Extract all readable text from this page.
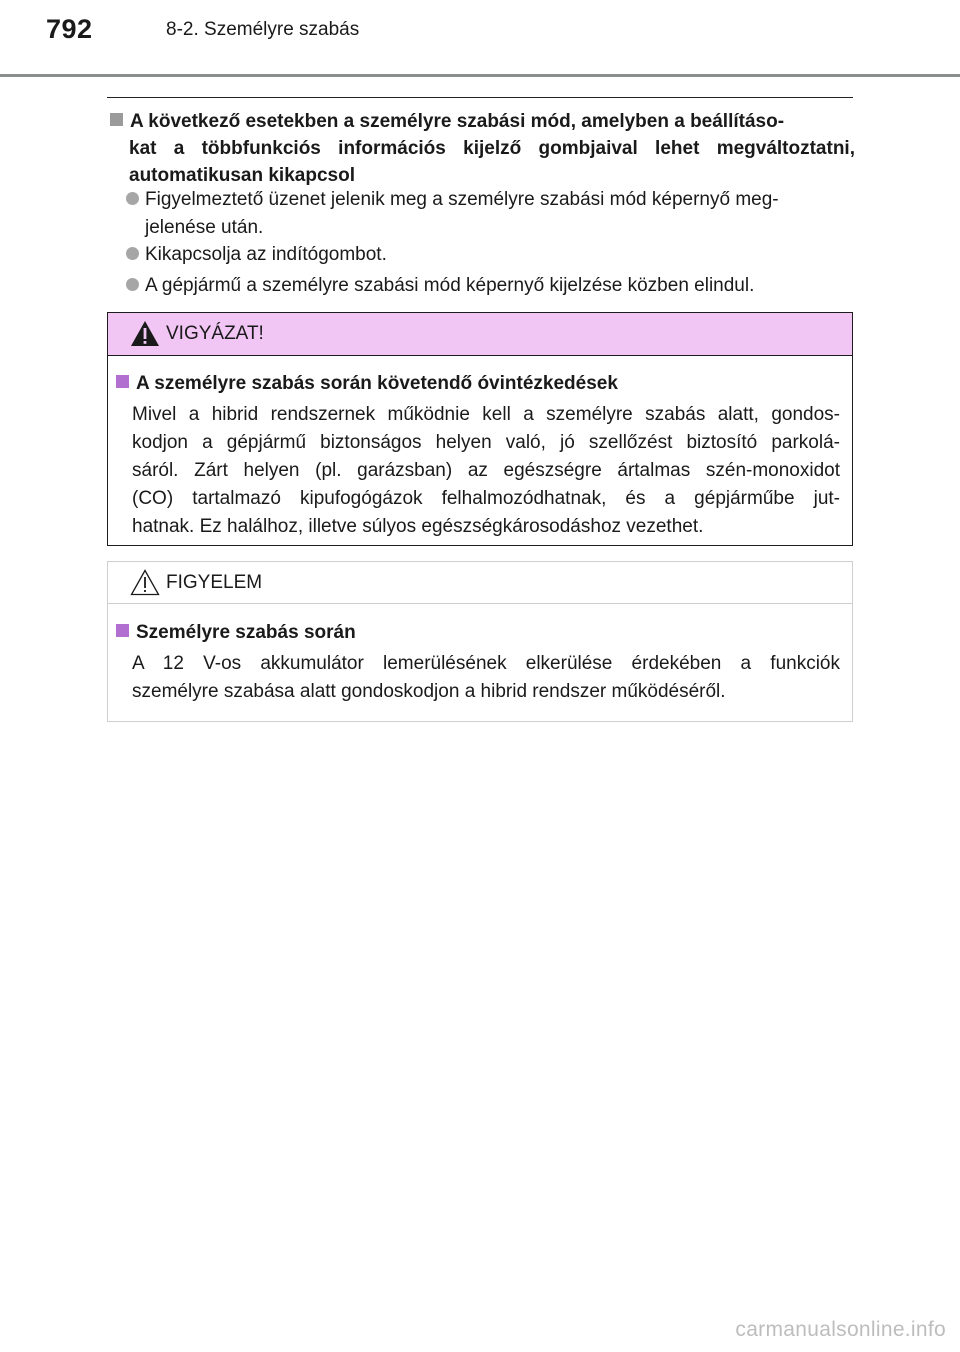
792	8-2. Személyre szabás
A következő esetekben a személyre szabási mód, amelyben a beállításo-
kat a többfunkciós információs kijelző gombjaival lehet megváltoztatni,
automatikusan kikapcsol
Figyelmeztető üzenet jelenik meg a személyre szabási mód képernyő meg-
jelenése után.
Kikapcsolja az indítógombot.
A gépjármű a személyre szabási mód képernyő kijelzése közben elindul.
VIGYÁZAT!
A személyre szabás során követendő óvintézkedések
Mivel a hibrid rendszernek működnie kell a személyre szabás alatt, gondos-
kodjon a gépjármű biztonságos helyen való, jó szellőzést biztosító parkolá-
sáról. Zárt helyen (pl. garázsban) az egészségre ártalmas szén-monoxidot
(CO) tartalmazó kipufogógázok felhalmozódhatnak, és a gépjárműbe jut-
hatnak. Ez halálhoz, illetve súlyos egészségkárosodáshoz vezethet.
FIGYELEM
Személyre szabás során
A 12 V-os akkumulátor lemerülésének elkerülése érdekében a funkciók
személyre szabása alatt gondoskodjon a hibrid rendszer működéséről.
carmanualsonline.info
